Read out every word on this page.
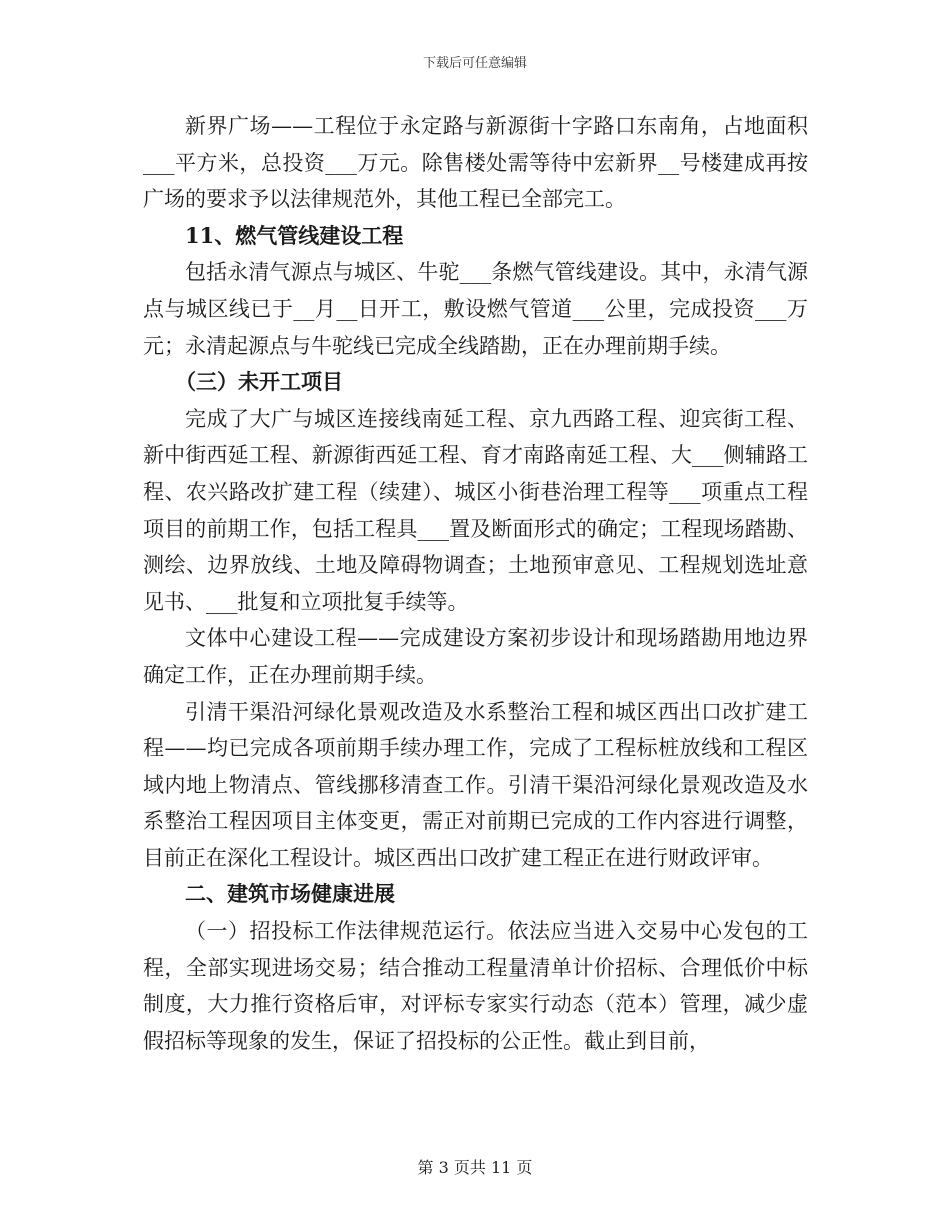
下载后可任意编辑

新界广场——工程位于永定路与新源街十字路口东南角，占地面积___平方米，总投资___万元。除售楼处需等待中宏新界__号楼建成再按广场的要求予以法律规范外，其他工程已全部完工。

11、燃气管线建设工程

包括永清气源点与城区、牛驼___条燃气管线建设。其中，永清气源点与城区线已于__月__日开工，敷设燃气管道___公里，完成投资___万元；永清起源点与牛驼线已完成全线踏勘，正在办理前期手续。

（三）未开工项目

完成了大广与城区连接线南延工程、京九西路工程、迎宾街工程、新中街西延工程、新源街西延工程、育才南路南延工程、大___侧辅路工程、农兴路改扩建工程（续建）、城区小街巷治理工程等___项重点工程项目的前期工作，包括工程具___置及断面形式的确定；工程现场踏勘、测绘、边界放线、土地及障碍物调查；土地预审意见、工程规划选址意见书、___批复和立项批复手续等。

文体中心建设工程——完成建设方案初步设计和现场踏勘用地边界确定工作，正在办理前期手续。

引清干渠沿河绿化景观改造及水系整治工程和城区西出口改扩建工程——均已完成各项前期手续办理工作，完成了工程标桩放线和工程区域内地上物清点、管线挪移清查工作。引清干渠沿河绿化景观改造及水系整治工程因项目主体变更，需正对前期已完成的工作内容进行调整，目前正在深化工程设计。城区西出口改扩建工程正在进行财政评审。

二、建筑市场健康进展

（一）招投标工作法律规范运行。依法应当进入交易中心发包的工程，全部实现进场交易；结合推动工程量清单计价招标、合理低价中标制度，大力推行资格后审，对评标专家实行动态（范本）管理，减少虚假招标等现象的发生，保证了招投标的公正性。截止到目前，

第 3 页共 11 页
